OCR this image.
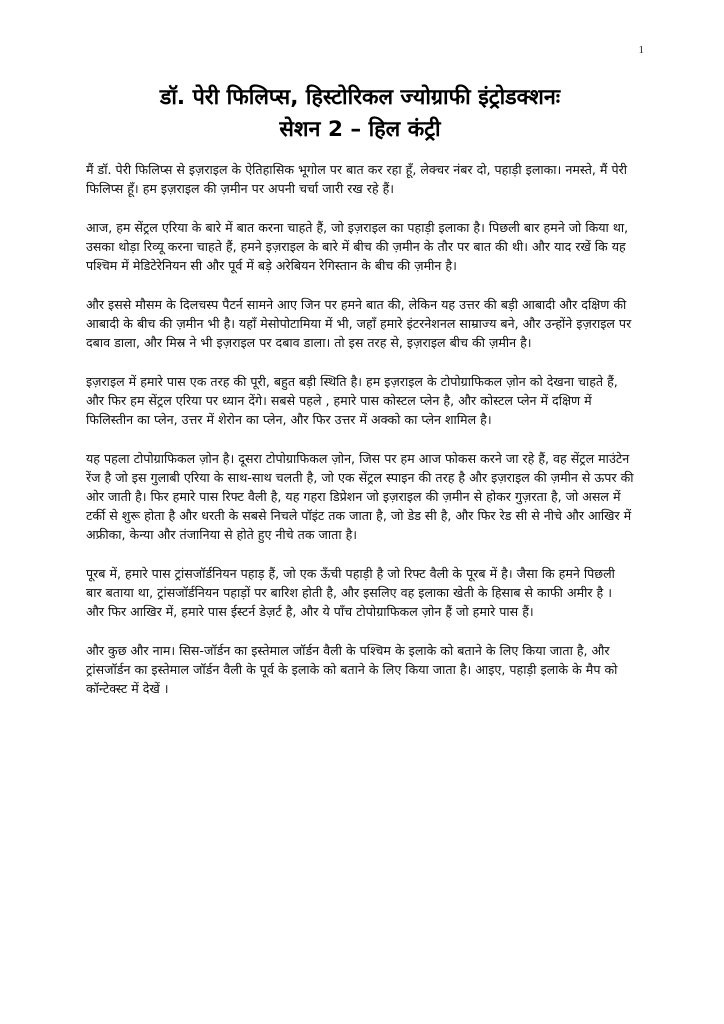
1
डॉ. पेरी फिलिप्स, हिस्टोरिकल ज्योग्राफी इंट्रोडक्शनः
सेशन 2 – हिल कंट्री

मैं डॉ. पेरी फिलिप्स से इज़राइल के ऐतिहासिक भूगोल पर बात कर रहा हूँ, लेक्चर नंबर दो, पहाड़ी इलाका। नमस्ते, मैं पेरी फिलिप्स हूँ। हम इज़राइल की ज़मीन पर अपनी चर्चा जारी रख रहे हैं।

आज, हम सेंट्रल एरिया के बारे में बात करना चाहते हैं, जो इज़राइल का पहाड़ी इलाका है। पिछली बार हमने जो किया था, उसका थोड़ा रिव्यू करना चाहते हैं, हमने इज़राइल के बारे में बीच की ज़मीन के तौर पर बात की थी। और याद रखें कि यह पश्चिम में मेडिटेरेनियन सी और पूर्व में बड़े अरेबियन रेगिस्तान के बीच की ज़मीन है।

और इससे मौसम के दिलचस्प पैटर्न सामने आए जिन पर हमने बात की, लेकिन यह उत्तर की बड़ी आबादी और दक्षिण की आबादी के बीच की ज़मीन भी है। यहाँ मेसोपोटामिया में भी, जहाँ हमारे इंटरनेशनल साम्राज्य बने, और उन्होंने इज़राइल पर दबाव डाला, और मिस्र ने भी इज़राइल पर दबाव डाला। तो इस तरह से, इज़राइल बीच की ज़मीन है।

इज़राइल में हमारे पास एक तरह की पूरी, बहुत बड़ी स्थिति है। हम इज़राइल के टोपोग्राफिकल ज़ोन को देखना चाहते हैं, और फिर हम सेंट्रल एरिया पर ध्यान देंगे। सबसे पहले , हमारे पास कोस्टल प्लेन है, और कोस्टल प्लेन में दक्षिण में फिलिस्तीन का प्लेन, उत्तर में शेरोन का प्लेन, और फिर उत्तर में अक्को का प्लेन शामिल है।

यह पहला टोपोग्राफिकल ज़ोन है। दूसरा टोपोग्राफिकल ज़ोन, जिस पर हम आज फोकस करने जा रहे हैं, वह सेंट्रल माउंटेन रेंज है जो इस गुलाबी एरिया के साथ-साथ चलती है, जो एक सेंट्रल स्पाइन की तरह है और इज़राइल की ज़मीन से ऊपर की ओर जाती है। फिर हमारे पास रिफ्ट वैली है, यह गहरा डिप्रेशन जो इज़राइल की ज़मीन से होकर गुज़रता है, जो असल में टर्की से शुरू होता है और धरती के सबसे निचले पॉइंट तक जाता है, जो डेड सी है, और फिर रेड सी से नीचे और आखिर में अफ्रीका, केन्या और तंजानिया से होते हुए नीचे तक जाता है।

पूरब में, हमारे पास ट्रांसजॉर्डनियन पहाड़ हैं, जो एक ऊँची पहाड़ी है जो रिफ्ट वैली के पूरब में है। जैसा कि हमने पिछली बार बताया था, ट्रांसजॉर्डनियन पहाड़ों पर बारिश होती है, और इसलिए वह इलाका खेती के हिसाब से काफी अमीर है । और फिर आखिर में, हमारे पास ईस्टर्न डेज़र्ट है, और ये पाँच टोपोग्राफिकल ज़ोन हैं जो हमारे पास हैं।

और कुछ और नाम। सिस-जॉर्डन का इस्तेमाल जॉर्डन वैली के पश्चिम के इलाके को बताने के लिए किया जाता है, और ट्रांसजॉर्डन का इस्तेमाल जॉर्डन वैली के पूर्व के इलाके को बताने के लिए किया जाता है। आइए, पहाड़ी इलाके के मैप को कॉन्टेक्स्ट में देखें ।
